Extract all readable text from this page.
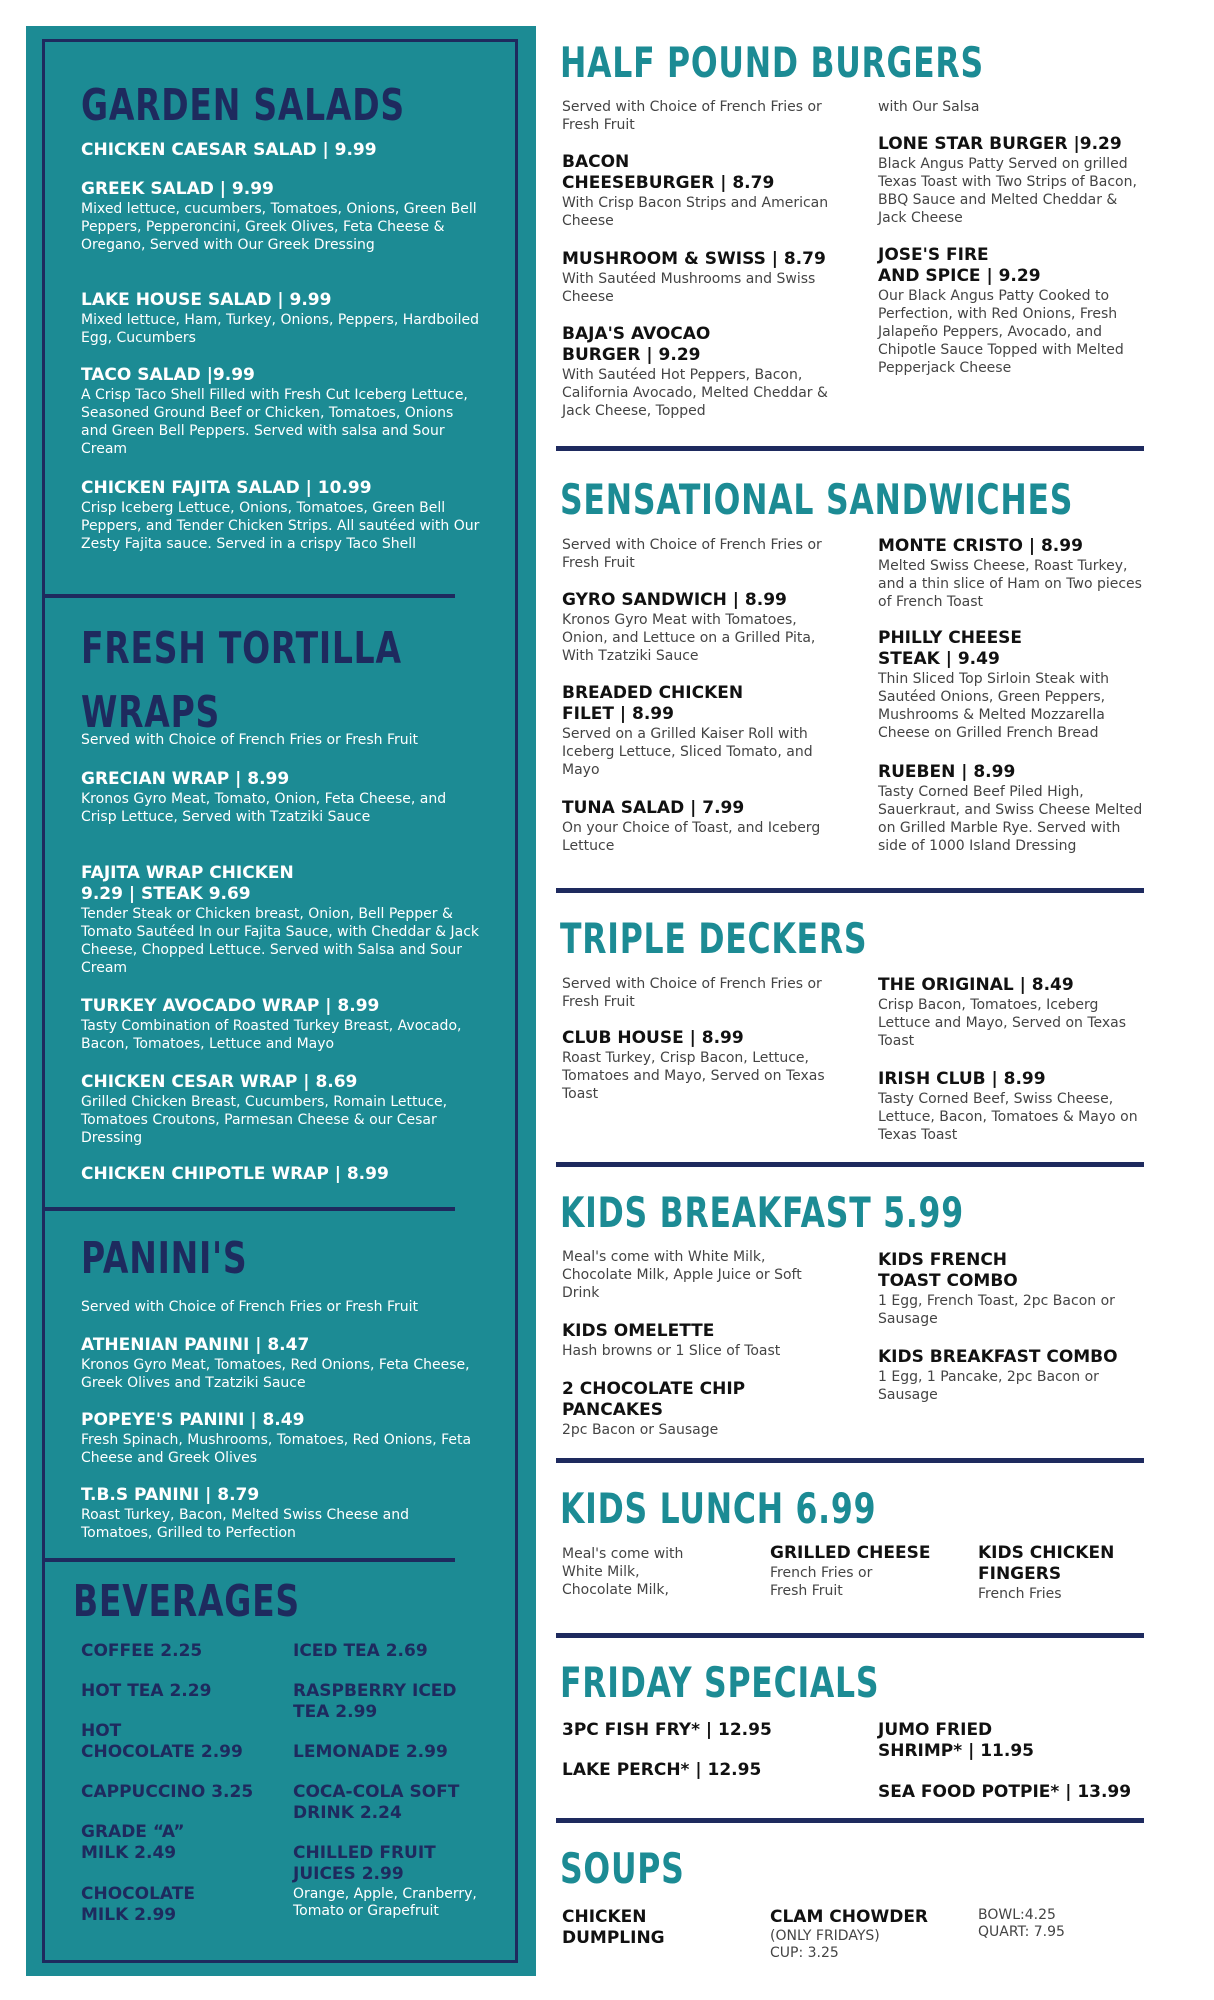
GARDEN SALADS
CHICKEN CAESAR SALAD | 9.99
GREEK SALAD | 9.99
Mixed lettuce, cucumbers, Tomatoes, Onions, Green Bell Peppers, Pepperoncini, Greek Olives, Feta Cheese & Oregano, Served with Our Greek Dressing
LAKE HOUSE SALAD | 9.99
Mixed lettuce, Ham, Turkey, Onions, Peppers, Hardboiled Egg, Cucumbers
TACO SALAD |9.99
A Crisp Taco Shell Filled with Fresh Cut Iceberg Lettuce, Seasoned Ground Beef or Chicken, Tomatoes, Onions and Green Bell Peppers. Served with salsa and Sour Cream
CHICKEN FAJITA SALAD | 10.99
Crisp Iceberg Lettuce, Onions, Tomatoes, Green Bell Peppers, and Tender Chicken Strips. All sautéed with Our Zesty Fajita sauce. Served in a crispy Taco Shell
FRESH TORTILLA WRAPS
Served with Choice of French Fries or Fresh Fruit
GRECIAN WRAP | 8.99
Kronos Gyro Meat, Tomato, Onion, Feta Cheese, and Crisp Lettuce, Served with Tzatziki Sauce
FAJITA WRAP CHICKEN
9.29 | STEAK 9.69
Tender Steak or Chicken breast, Onion, Bell Pepper & Tomato Sautéed In our Fajita Sauce, with Cheddar & Jack Cheese, Chopped Lettuce. Served with Salsa and Sour Cream
TURKEY AVOCADO WRAP | 8.99
Tasty Combination of Roasted Turkey Breast, Avocado, Bacon, Tomatoes, Lettuce and Mayo
CHICKEN CESAR WRAP | 8.69
Grilled Chicken Breast, Cucumbers, Romain Lettuce, Tomatoes Croutons, Parmesan Cheese & our Cesar Dressing
CHICKEN CHIPOTLE WRAP | 8.99
PANINI'S
Served with Choice of French Fries or Fresh Fruit
ATHENIAN PANINI | 8.47
Kronos Gyro Meat, Tomatoes, Red Onions, Feta Cheese, Greek Olives and Tzatziki Sauce
POPEYE'S PANINI | 8.49
Fresh Spinach, Mushrooms, Tomatoes, Red Onions, Feta Cheese and Greek Olives
T.B.S PANINI | 8.79
Roast Turkey, Bacon, Melted Swiss Cheese and Tomatoes, Grilled to Perfection
BEVERAGES
COFFEE 2.25
HOT TEA 2.29
HOT
CHOCOLATE 2.99
CAPPUCCINO 3.25
GRADE “A”
MILK 2.49
CHOCOLATE
MILK 2.99
ICED TEA 2.69
RASPBERRY ICED
TEA 2.99
LEMONADE 2.99
COCA-COLA SOFT
DRINK 2.24
CHILLED FRUIT
JUICES 2.99
Orange, Apple, Cranberry, Tomato or Grapefruit
HALF POUND BURGERS
Served with Choice of French Fries or Fresh Fruit
BACON
CHEESEBURGER | 8.79
With Crisp Bacon Strips and American Cheese
MUSHROOM & SWISS | 8.79
With Sautéed Mushrooms and Swiss Cheese
BAJA'S AVOCAO
BURGER | 9.29
With Sautéed Hot Peppers, Bacon, California Avocado, Melted Cheddar & Jack Cheese, Topped
with Our Salsa
LONE STAR BURGER |9.29
Black Angus Patty Served on grilled Texas Toast with Two Strips of Bacon, BBQ Sauce and Melted Cheddar & Jack Cheese
JOSE'S FIRE
AND SPICE | 9.29
Our Black Angus Patty Cooked to Perfection, with Red Onions, Fresh Jalapeño Peppers, Avocado, and Chipotle Sauce Topped with Melted Pepperjack Cheese
SENSATIONAL SANDWICHES
Served with Choice of French Fries or Fresh Fruit
GYRO SANDWICH | 8.99
Kronos Gyro Meat with Tomatoes, Onion, and Lettuce on a Grilled Pita, With Tzatziki Sauce
BREADED CHICKEN
FILET | 8.99
Served on a Grilled Kaiser Roll with Iceberg Lettuce, Sliced Tomato, and Mayo
TUNA SALAD | 7.99
On your Choice of Toast, and Iceberg Lettuce
MONTE CRISTO | 8.99
Melted Swiss Cheese, Roast Turkey, and a thin slice of Ham on Two pieces of French Toast
PHILLY CHEESE
STEAK | 9.49
Thin Sliced Top Sirloin Steak with Sautéed Onions, Green Peppers, Mushrooms & Melted Mozzarella Cheese on Grilled French Bread
RUEBEN | 8.99
Tasty Corned Beef Piled High, Sauerkraut, and Swiss Cheese Melted on Grilled Marble Rye. Served with side of 1000 Island Dressing
TRIPLE DECKERS
Served with Choice of French Fries or Fresh Fruit
CLUB HOUSE | 8.99
Roast Turkey, Crisp Bacon, Lettuce, Tomatoes and Mayo, Served on Texas Toast
THE ORIGINAL | 8.49
Crisp Bacon, Tomatoes, Iceberg Lettuce and Mayo, Served on Texas Toast
IRISH CLUB | 8.99
Tasty Corned Beef, Swiss Cheese, Lettuce, Bacon, Tomatoes & Mayo on Texas Toast
KIDS BREAKFAST 5.99
Meal's come with White Milk, Chocolate Milk, Apple Juice or Soft Drink
KIDS OMELETTE
Hash browns or 1 Slice of Toast
2 CHOCOLATE CHIP
PANCAKES
2pc Bacon or Sausage
KIDS FRENCH
TOAST COMBO
1 Egg, French Toast, 2pc Bacon or Sausage
KIDS BREAKFAST COMBO
1 Egg, 1 Pancake, 2pc Bacon or Sausage
KIDS LUNCH 6.99
Meal's come with White Milk, Chocolate Milk,
GRILLED CHEESE
French Fries or Fresh Fruit
KIDS CHICKEN
FINGERS
French Fries
FRIDAY SPECIALS
3PC FISH FRY* | 12.95
LAKE PERCH* | 12.95
JUMO FRIED
SHRIMP* | 11.95
SEA FOOD POTPIE* | 13.99
SOUPS
CHICKEN
DUMPLING
CLAM CHOWDER
(ONLY FRIDAYS)
CUP: 3.25
BOWL:4.25
QUART: 7.95
